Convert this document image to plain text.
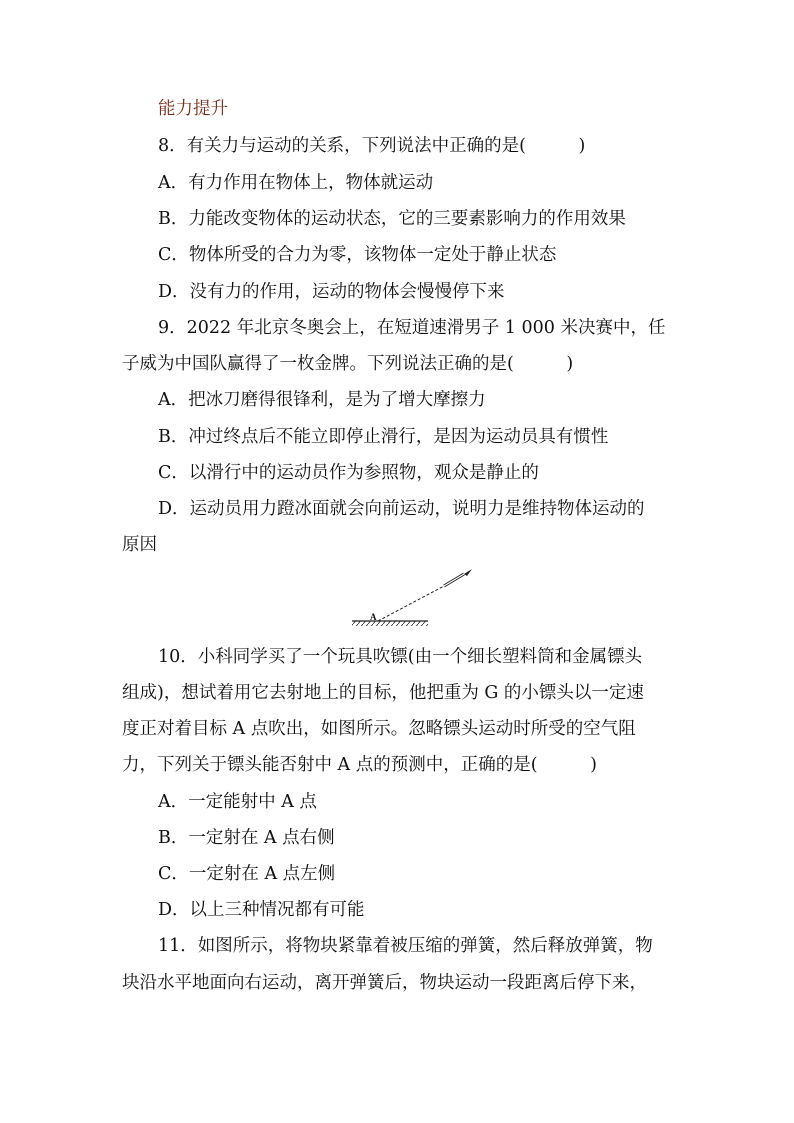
能力提升
8．有关力与运动的关系，下列说法中正确的是(　　　)
A．有力作用在物体上，物体就运动
B．力能改变物体的运动状态，它的三要素影响力的作用效果
C．物体所受的合力为零，该物体一定处于静止状态
D．没有力的作用，运动的物体会慢慢停下来
9．2022 年北京冬奥会上，在短道速滑男子 1 000 米决赛中，任
子威为中国队赢得了一枚金牌。下列说法正确的是(　　　)
A．把冰刀磨得很锋利，是为了增大摩擦力
B．冲过终点后不能立即停止滑行，是因为运动员具有惯性
C．以滑行中的运动员作为参照物，观众是静止的
D．运动员用力蹬冰面就会向前运动，说明力是维持物体运动的
原因
A
10．小科同学买了一个玩具吹镖(由一个细长塑料筒和金属镖头
组成)，想试着用它去射地上的目标，他把重为 G 的小镖头以一定速
度正对着目标 A 点吹出，如图所示。忽略镖头运动时所受的空气阻
力，下列关于镖头能否射中 A 点的预测中，正确的是(　　　)
A．一定能射中 A 点
B．一定射在 A 点右侧
C．一定射在 A 点左侧
D．以上三种情况都有可能
11．如图所示，将物块紧靠着被压缩的弹簧，然后释放弹簧，物
块沿水平地面向右运动，离开弹簧后，物块运动一段距离后停下来，
